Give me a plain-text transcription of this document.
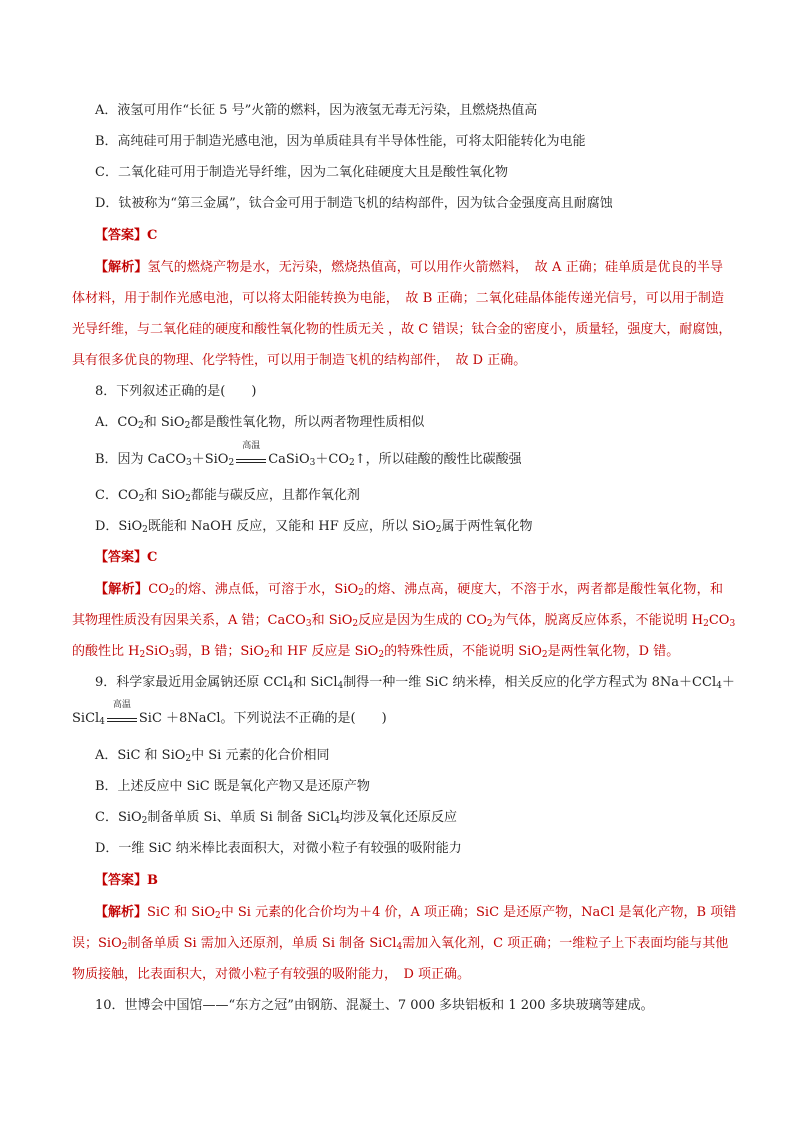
A．液氢可用作“长征 5 号”火箭的燃料，因为液氢无毒无污染，且燃烧热值高
B．高纯硅可用于制造光感电池，因为单质硅具有半导体性能，可将太阳能转化为电能
C．二氧化硅可用于制造光导纤维，因为二氧化硅硬度大且是酸性氧化物
D．钛被称为“第三金属”，钛合金可用于制造飞机的结构部件，因为钛合金强度高且耐腐蚀
【答案】C
【解析】氢气的燃烧产物是水，无污染，燃烧热值高，可以用作火箭燃料，　故 A 正确；硅单质是优良的半导
体材料，用于制作光感电池，可以将太阳能转换为电能，　故 B 正确；二氧化硅晶体能传递光信号，可以用于制造
光导纤维，与二氧化硅的硬度和酸性氧化物的性质无关 ，故 C 错误；钛合金的密度小，质量轻，强度大，耐腐蚀，
具有很多优良的物理、化学特性，可以用于制造飞机的结构部件，　故 D 正确。
8．下列叙述正确的是(　　)
A．$CO_2$和 SiO$_2$都是酸性氧化物，所以两者物理性质相似
B．因为 CaCO$_3$＋SiO$_2$
高温
$CaSiO_3+CO_2↑$，所以硅酸的酸性比碳酸强
C．$CO_2$和 SiO$_2$都能与碳反应，且都作氧化剂
D．SiO$_2$既能和 NaOH 反应，又能和 HF 反应，所以 SiO$_2$属于两性氧化物
【答案】C
【解析】$CO_2$的熔、沸点低，可溶于水，SiO$_2$的熔、沸点高，硬度大，不溶于水，两者都是酸性氧化物，和
其物理性质没有因果关系，A 错；CaCO$_3$和 SiO$_2$反应是因为生成的 $CO_2$为气体，脱离反应体系，不能说明 $H_2CO_3$
的酸性比 $H_2SiO_3$弱，B 错；SiO$_2$和 HF 反应是 SiO$_2$的特殊性质，不能说明 SiO$_2$是两性氧化物，D 错。
9．科学家最近用金属钠还原 CCl$_4$和 SiCl$_4$制得一种一维 SiC 纳米棒，相关反应的化学方程式为 8Na＋CCl$_4$＋
SiCl$_4$
高温
SiC ＋8NaCl。下列说法不正确的是(　　)
A．SiC 和 SiO$_2$中 Si 元素的化合价相同
B．上述反应中 SiC 既是氧化产物又是还原产物
C．SiO$_2$制备单质 Si、单质 Si 制备 SiCl$_4$均涉及氧化还原反应
D．一维 SiC 纳米棒比表面积大，对微小粒子有较强的吸附能力
【答案】B
【解析】SiC 和 SiO$_2$中 Si 元素的化合价均为＋4 价，A 项正确；SiC 是还原产物，NaCl 是氧化产物，B 项错
误；SiO$_2$制备单质 Si 需加入还原剂，单质 Si 制备 SiCl$_4$需加入氧化剂，C 项正确；一维粒子上下表面均能与其他
物质接触，比表面积大，对微小粒子有较强的吸附能力，　D 项正确。
10．世博会中国馆——“东方之冠”由钢筋、混凝土、7 000 多块铝板和 1 200 多块玻璃等建成。
